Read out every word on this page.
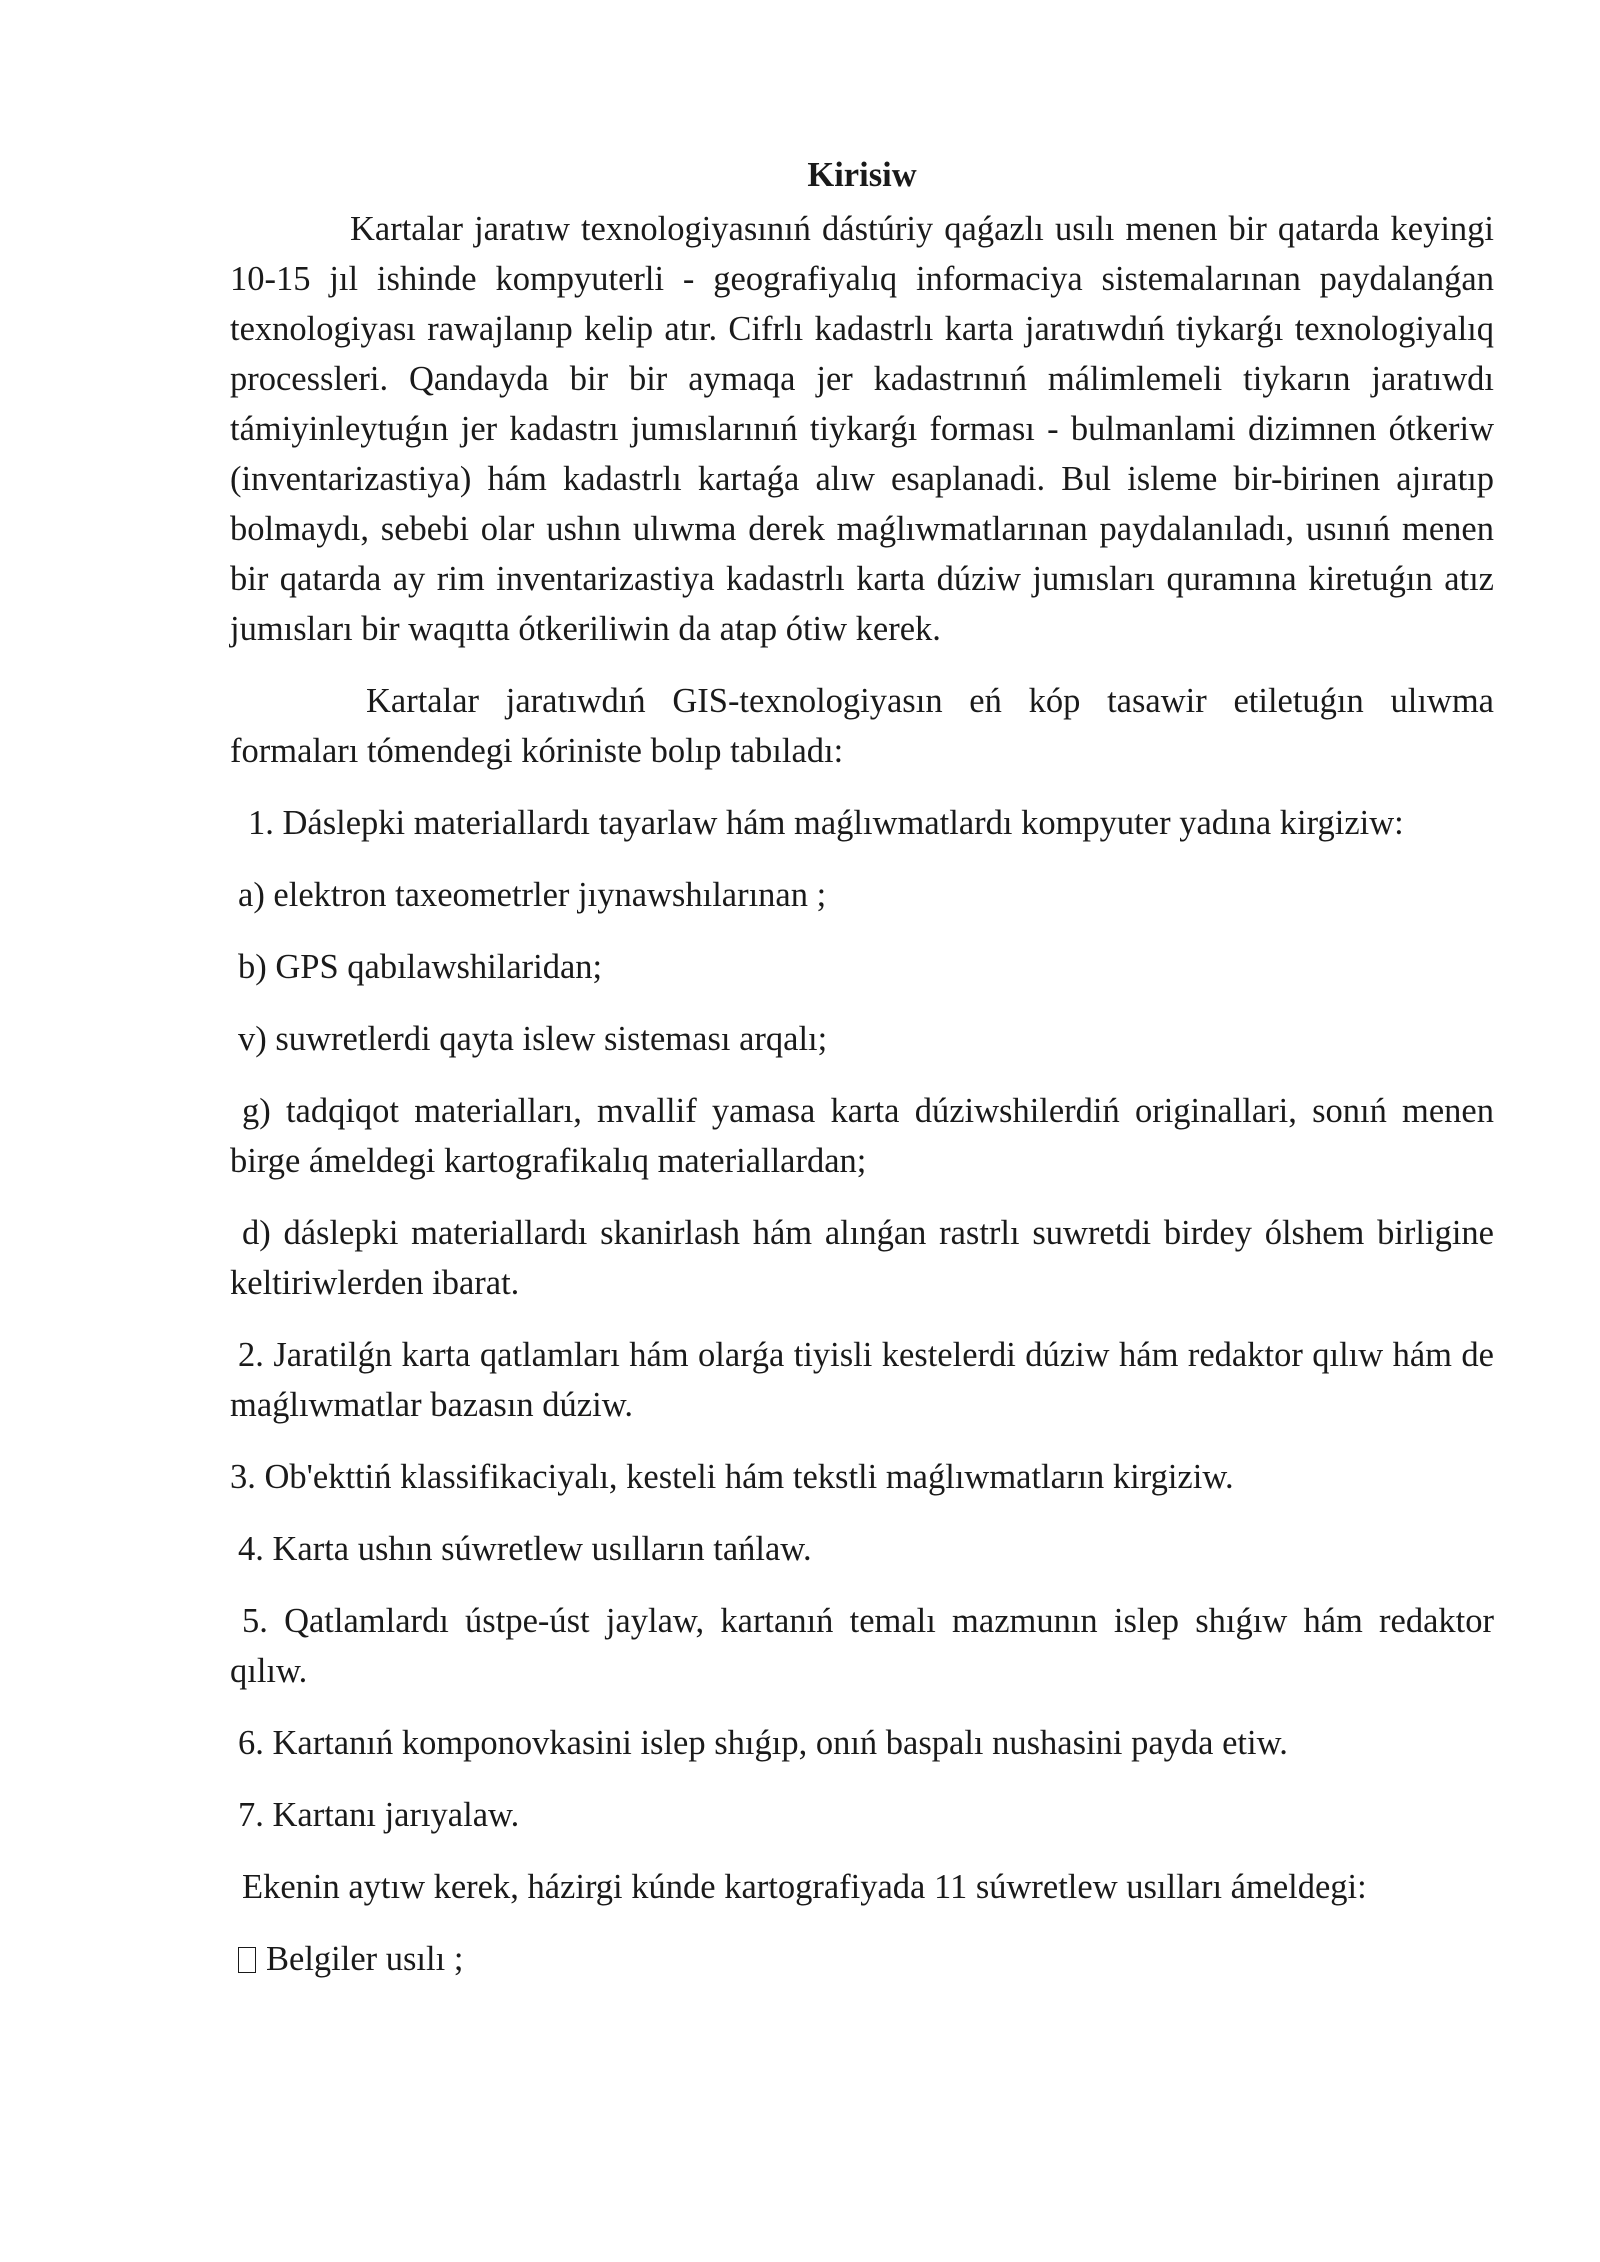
Kirisiw

Kartalar jaratıw texnologiyasınıń dástúriy qaǵazlı usılı menen bir qatarda keyingi 10-15 jıl ishinde kompyuterli - geografiyalıq informaciya sistemalarınan paydalanǵan texnologiyası rawajlanıp kelip atır. Cifrlı kadastrlı karta jaratıwdıń tiykarǵı texnologiyalıq processleri. Qandayda bir bir aymaqa jer kadastrınıń málimlemeli tiykarın jaratıwdı támiyinleytuǵın jer kadastrı jumıslarınıń tiykarǵı forması - bulmanlami dizimnen ótkeriw (inventarizastiya) hám kadastrlı kartaǵa alıw esaplanadi. Bul isleme bir-birinen ajıratıp bolmaydı, sebebi olar ushın ulıwma derek maǵlıwmatlarınan paydalanıladı, usınıń menen bir qatarda ay rim inventarizastiya kadastrlı karta dúziw jumısları quramına kiretuǵın atız jumısları bir waqıtta ótkeriliwin da atap ótiw kerek.

Kartalar jaratıwdıń GIS-texnologiyasın eń kóp tasawir etiletuǵın ulıwma formaları tómendegi kóriniste bolıp tabıladı:

1. Dáslepki materiallardı tayarlaw hám maǵlıwmatlardı kompyuter yadına kirgiziw:

a) elektron taxeometrler jıynawshılarınan ;

b) GPS qabılawshilaridan;

v) suwretlerdi qayta islew sisteması arqalı;

g) tadqiqot materialları, mvallif yamasa karta dúziwshilerdiń originallari, sonıń menen birge ámeldegi kartografikalıq materiallardan;

d) dáslepki materiallardı skanirlash hám alınǵan rastrlı suwretdi birdey ólshem birligine keltiriwlerden ibarat.

2. Jaratilǵn karta qatlamları hám olarǵa tiyisli kestelerdi dúziw hám redaktor qılıw hám de maǵlıwmatlar bazasın dúziw.

3. Ob'ekttiń klassifikaciyalı, kesteli hám tekstli maǵlıwmatların kirgiziw.

4. Karta ushın súwretlew usılların tańlaw.

5. Qatlamlardı ústpe-úst jaylaw, kartanıń temalı mazmunın islep shıǵıw hám redaktor qılıw.

6. Kartanıń komponovkasini islep shıǵıp, onıń baspalı nushasini payda etiw.

7. Kartanı jarıyalaw.

Ekenin aytıw kerek, házirgi kúnde kartografiyada 11 súwretlew usılları ámeldegi:

Belgiler usılı ;
